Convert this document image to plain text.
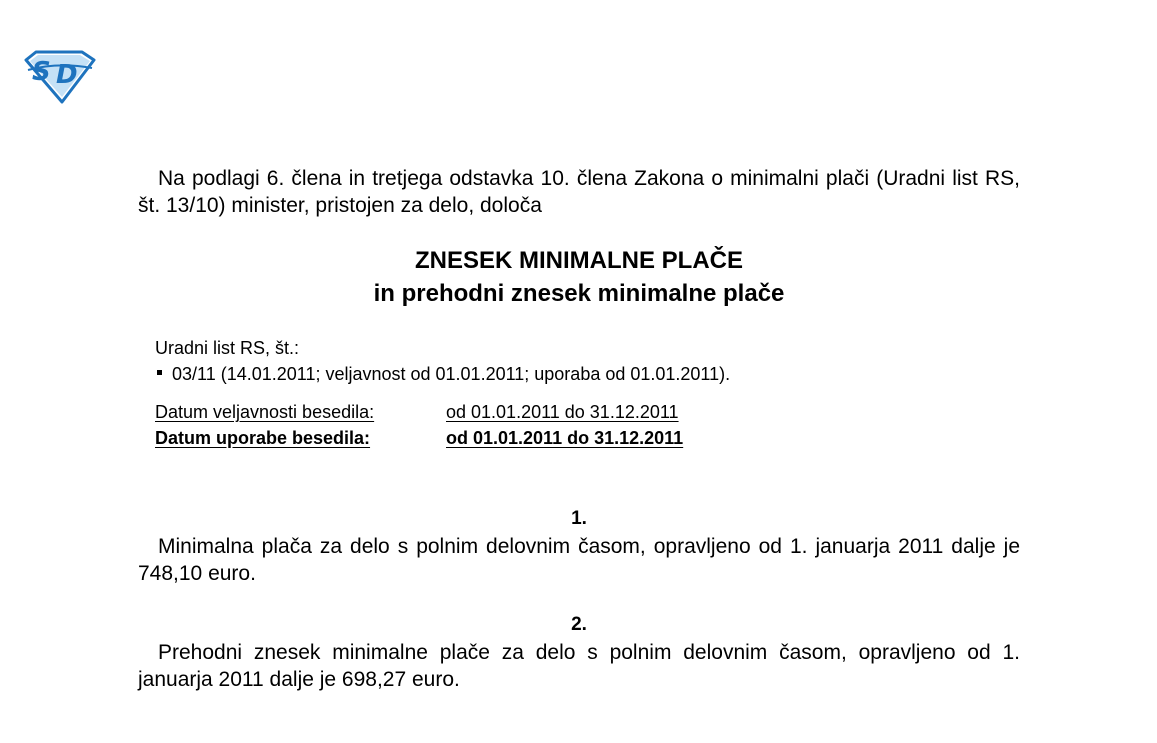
S D

Na podlagi 6. člena in tretjega odstavka 10. člena Zakona o minimalni plači (Uradni list RS, št. 13/10) minister, pristojen za delo, določa

ZNESEK MINIMALNE PLAČE
in prehodni znesek minimalne plače

Uradni list RS, št.:

03/11 (14.01.2011; veljavnost od 01.01.2011; uporaba od 01.01.2011).
Datum veljavnosti besedila:	od 01.01.2011 do 31.12.2011
Datum uporabe besedila:	od 01.01.2011 do 31.12.2011
1.

Minimalna plača za delo s polnim delovnim časom, opravljeno od 1. januarja 2011 dalje je 748,10 euro.

2.

Prehodni znesek minimalne plače za delo s polnim delovnim časom, opravljeno od 1. januarja 2011 dalje je 698,27 euro.
